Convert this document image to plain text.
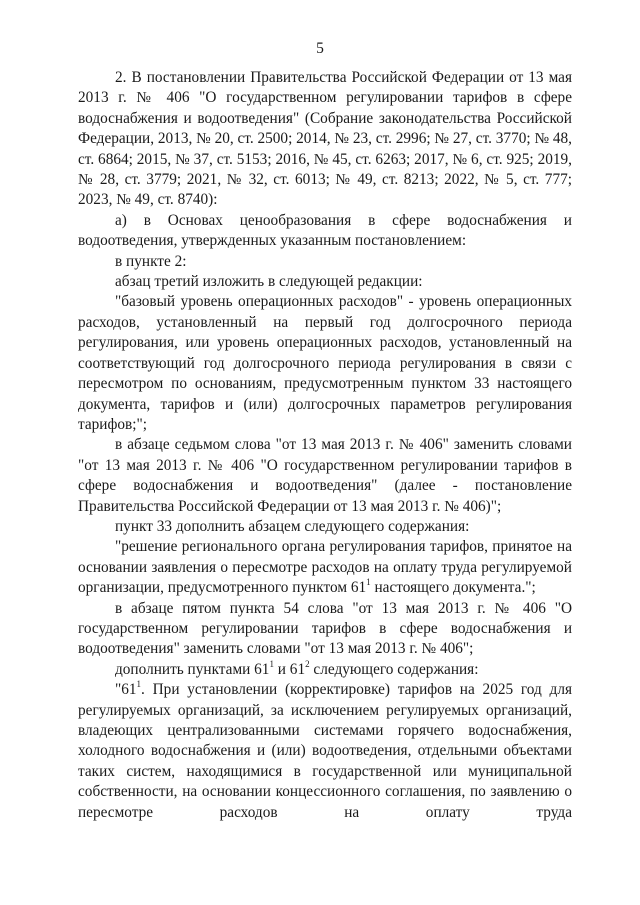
5

2. В постановлении Правительства Российской Федерации от 13 мая 2013 г. № 406 "О государственном регулировании тарифов в сфере водоснабжения и водоотведения" (Собрание законодательства Российской Федерации, 2013, № 20, ст. 2500; 2014, № 23, ст. 2996; № 27, ст. 3770; № 48, ст. 6864; 2015, № 37, ст. 5153; 2016, № 45, ст. 6263; 2017, № 6, ст. 925; 2019, № 28, ст. 3779; 2021, № 32, ст. 6013; № 49, ст. 8213; 2022, № 5, ст. 777; 2023, № 49, ст. 8740):

а) в Основах ценообразования в сфере водоснабжения и водоотведения, утвержденных указанным постановлением:

в пункте 2:

абзац третий изложить в следующей редакции:

"базовый уровень операционных расходов" - уровень операционных расходов, установленный на первый год долгосрочного периода регулирования, или уровень операционных расходов, установленный на соответствующий год долгосрочного периода регулирования в связи с пересмотром по основаниям, предусмотренным пунктом 33 настоящего документа, тарифов и (или) долгосрочных параметров регулирования тарифов;";

в абзаце седьмом слова "от 13 мая 2013 г. № 406" заменить словами "от 13 мая 2013 г. № 406 "О государственном регулировании тарифов в сфере водоснабжения и водоотведения" (далее - постановление Правительства Российской Федерации от 13 мая 2013 г. № 406)";

пункт 33 дополнить абзацем следующего содержания:

"решение регионального органа регулирования тарифов, принятое на основании заявления о пересмотре расходов на оплату труда регулируемой организации, предусмотренного пунктом $61^1$ настоящего документа.";

в абзаце пятом пункта 54 слова "от 13 мая 2013 г. № 406 "О государственном регулировании тарифов в сфере водоснабжения и водоотведения" заменить словами "от 13 мая 2013 г. № 406";

дополнить пунктами $61^1$ и $61^2$ следующего содержания:

"$61^1$. При установлении (корректировке) тарифов на 2025 год для регулируемых организаций, за исключением регулируемых организаций, владеющих централизованными системами горячего водоснабжения, холодного водоснабжения и (или) водоотведения, отдельными объектами таких систем, находящимися в государственной или муниципальной собственности, на основании концессионного соглашения, по заявлению о пересмотре расходов на оплату труда
